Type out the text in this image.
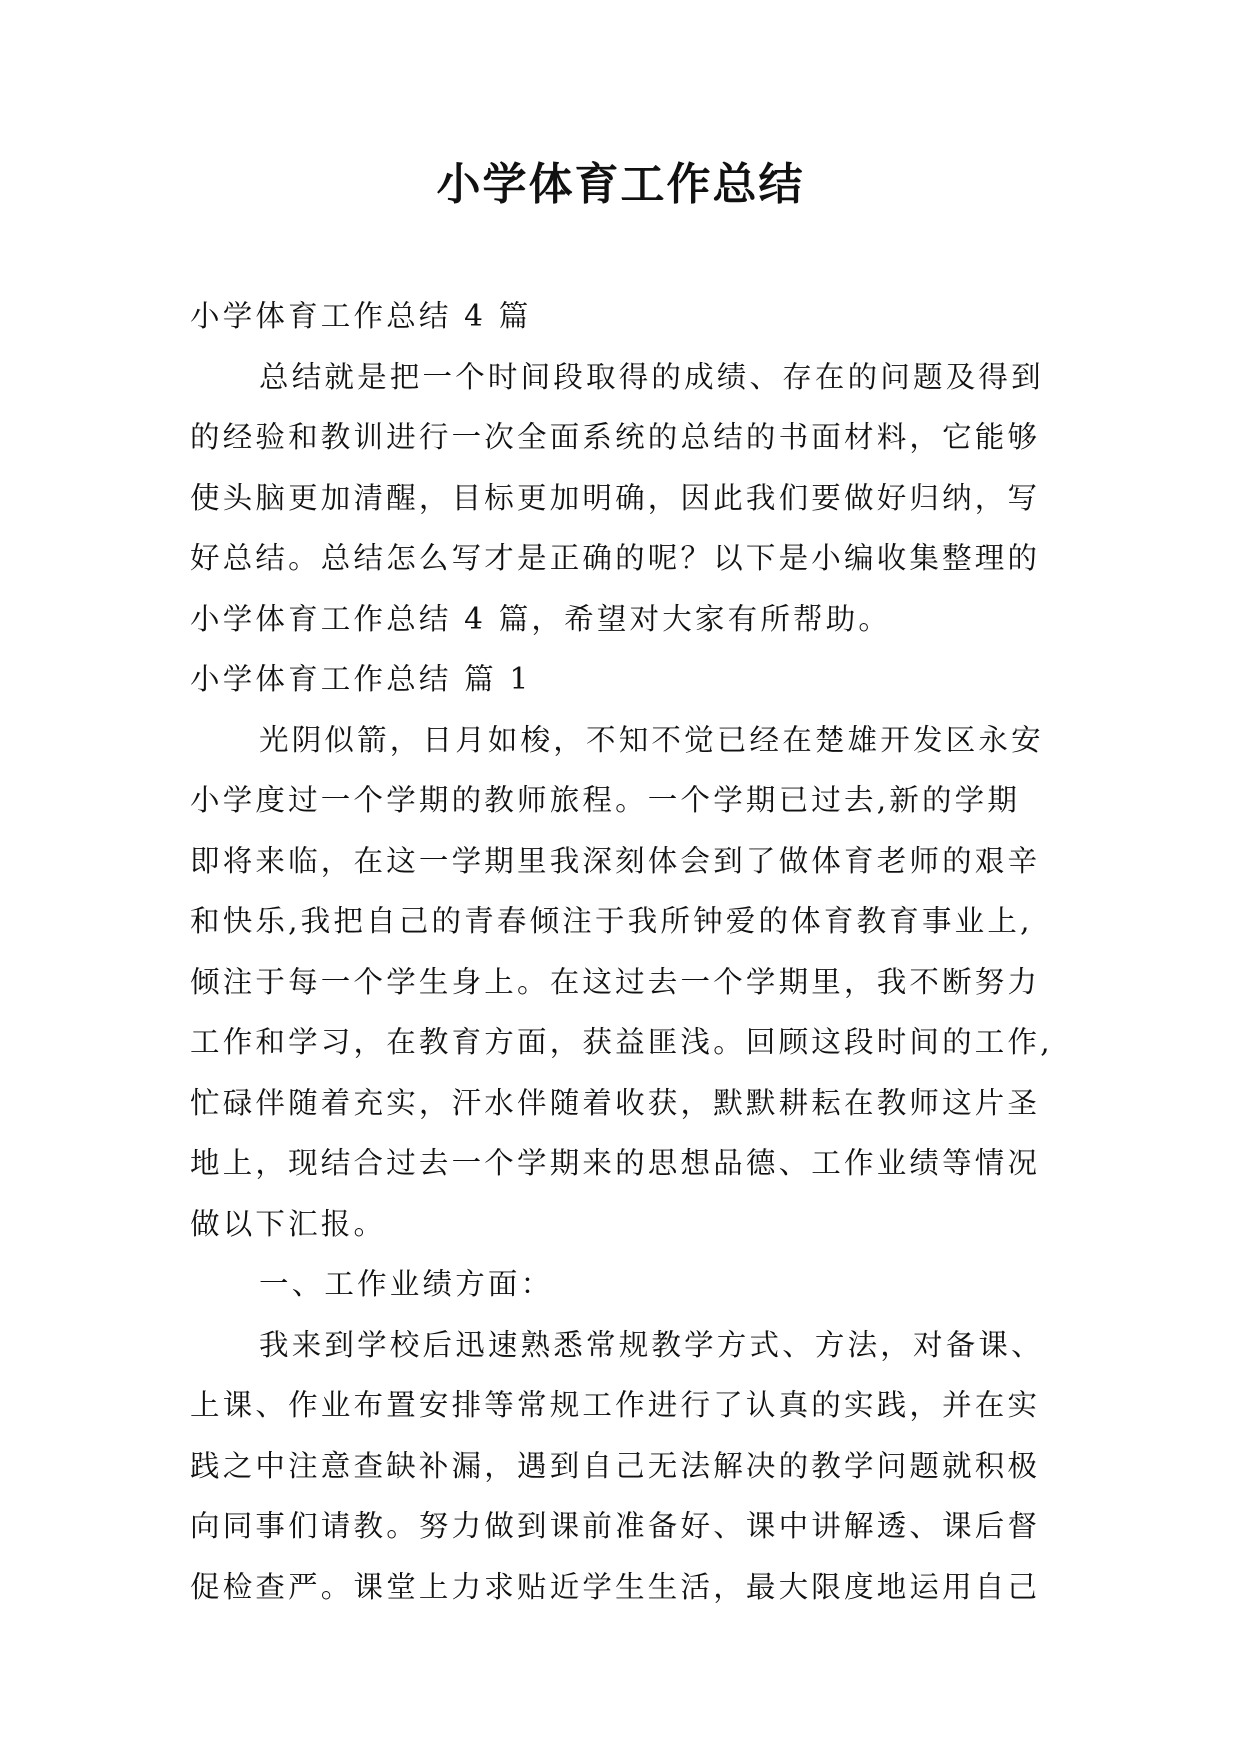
小学体育工作总结
小学体育工作总结 4 篇
总结就是把一个时间段取得的成绩、存在的问题及得到
的经验和教训进行一次全面系统的总结的书面材料，它能够
使头脑更加清醒，目标更加明确，因此我们要做好归纳，写
好总结。总结怎么写才是正确的呢？以下是小编收集整理的
小学体育工作总结 4 篇，希望对大家有所帮助。
小学体育工作总结 篇 1
光阴似箭，日月如梭，不知不觉已经在楚雄开发区永安
小学度过一个学期的教师旅程。一个学期已过去,新的学期
即将来临，在这一学期里我深刻体会到了做体育老师的艰辛
和快乐,我把自己的青春倾注于我所钟爱的体育教育事业上,
倾注于每一个学生身上。在这过去一个学期里，我不断努力
工作和学习，在教育方面，获益匪浅。回顾这段时间的工作,
忙碌伴随着充实，汗水伴随着收获，默默耕耘在教师这片圣
地上，现结合过去一个学期来的思想品德、工作业绩等情况
做以下汇报。
一、工作业绩方面：
我来到学校后迅速熟悉常规教学方式、方法，对备课、
上课、作业布置安排等常规工作进行了认真的实践，并在实
践之中注意查缺补漏，遇到自己无法解决的教学问题就积极
向同事们请教。努力做到课前准备好、课中讲解透、课后督
促检查严。课堂上力求贴近学生生活，最大限度地运用自己
